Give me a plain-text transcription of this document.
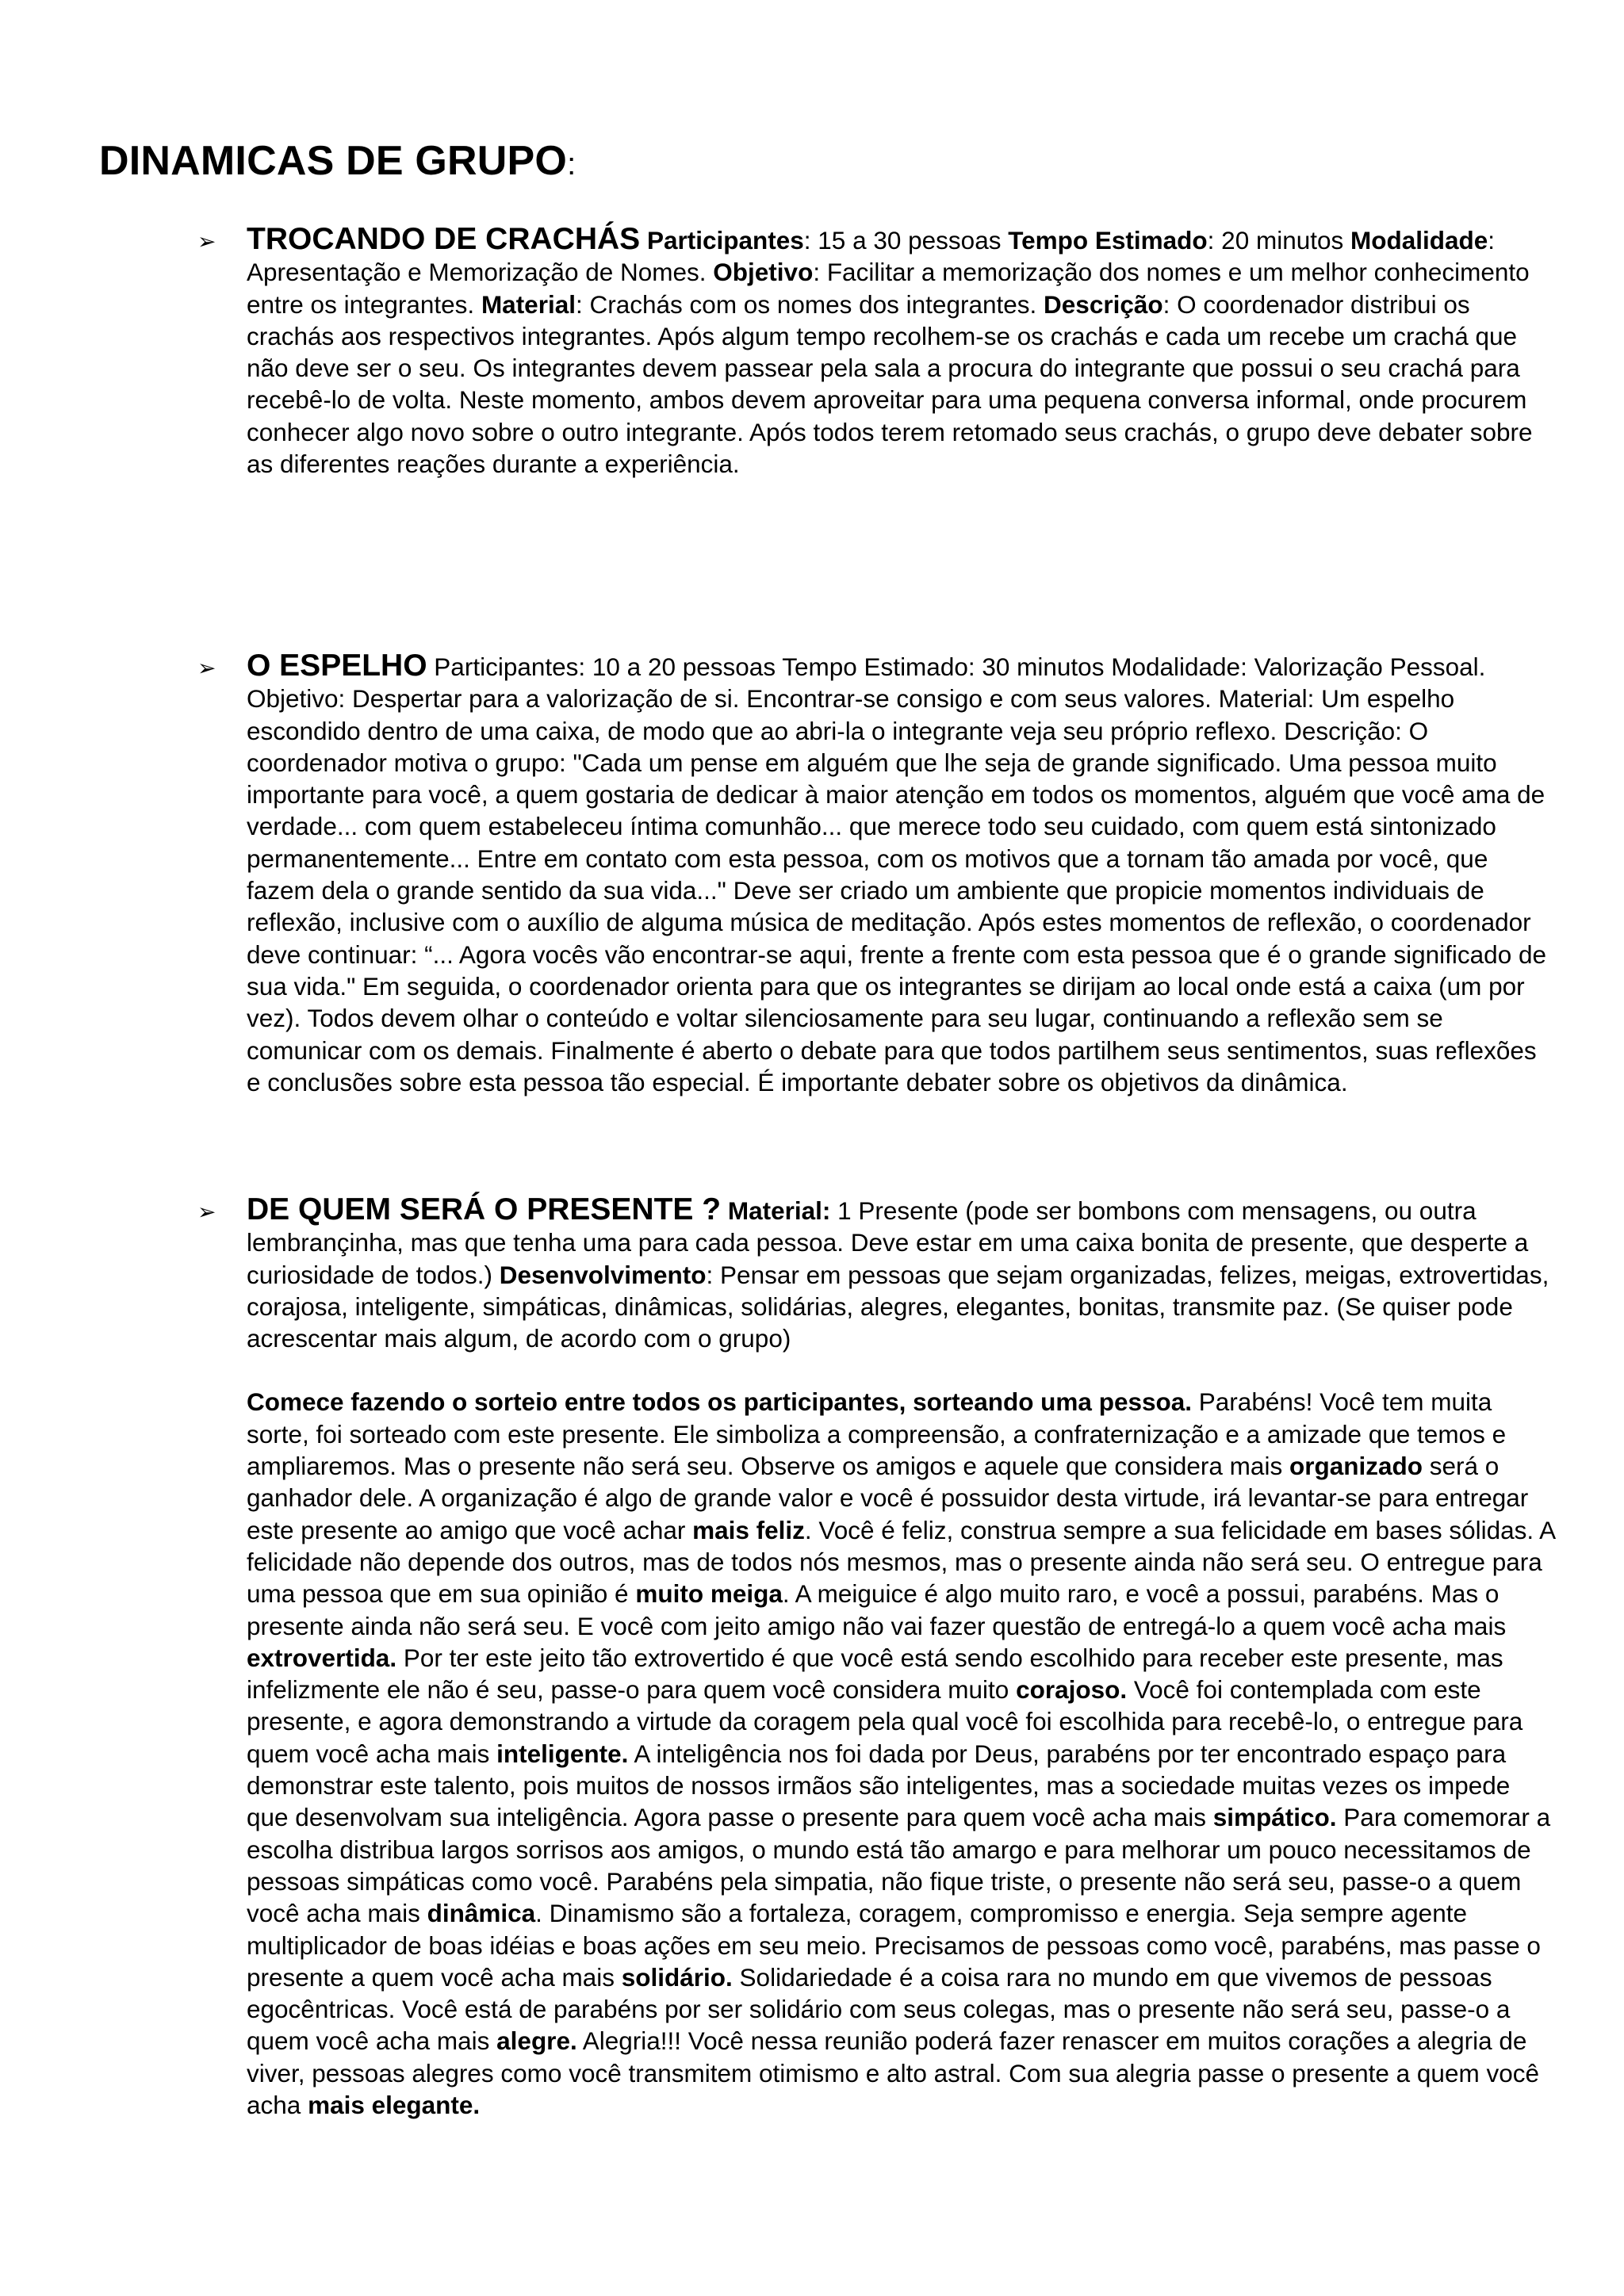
DINAMICAS DE GRUPO:
➢ TROCANDO DE CRACHÁS Participantes: 15 a 30 pessoas Tempo Estimado: 20 minutos Modalidade: Apresentação e Memorização de Nomes. Objetivo: Facilitar a memorização dos nomes e um melhor conhecimento entre os integrantes. Material: Crachás com os nomes dos integrantes. Descrição: O coordenador distribui os crachás aos respectivos integrantes. Após algum tempo recolhem-se os crachás e cada um recebe um crachá que não deve ser o seu. Os integrantes devem passear pela sala a procura do integrante que possui o seu crachá para recebê-lo de volta. Neste momento, ambos devem aproveitar para uma pequena conversa informal, onde procurem conhecer algo novo sobre o outro integrante. Após todos terem retomado seus crachás, o grupo deve debater sobre as diferentes reações durante a experiência.

➢ O ESPELHO Participantes: 10 a 20 pessoas Tempo Estimado: 30 minutos Modalidade: Valorização Pessoal. Objetivo: Despertar para a valorização de si. Encontrar-se consigo e com seus valores. Material: Um espelho escondido dentro de uma caixa, de modo que ao abri-la o integrante veja seu próprio reflexo. Descrição: O coordenador motiva o grupo: "Cada um pense em alguém que lhe seja de grande significado. Uma pessoa muito importante para você, a quem gostaria de dedicar à maior atenção em todos os momentos, alguém que você ama de verdade... com quem estabeleceu íntima comunhão... que merece todo seu cuidado, com quem está sintonizado permanentemente... Entre em contato com esta pessoa, com os motivos que a tornam tão amada por você, que fazem dela o grande sentido da sua vida..." Deve ser criado um ambiente que propicie momentos individuais de reflexão, inclusive com o auxílio de alguma música de meditação. Após estes momentos de reflexão, o coordenador deve continuar: “... Agora vocês vão encontrar-se aqui, frente a frente com esta pessoa que é o grande significado de sua vida." Em seguida, o coordenador orienta para que os integrantes se dirijam ao local onde está a caixa (um por vez). Todos devem olhar o conteúdo e voltar silenciosamente para seu lugar, continuando a reflexão sem se comunicar com os demais. Finalmente é aberto o debate para que todos partilhem seus sentimentos, suas reflexões e conclusões sobre esta pessoa tão especial. É importante debater sobre os objetivos da dinâmica.

➢ DE QUEM SERÁ O PRESENTE ? Material: 1 Presente (pode ser bombons com mensagens, ou outra lembrançinha, mas que tenha uma para cada pessoa. Deve estar em uma caixa bonita de presente, que desperte a curiosidade de todos.) Desenvolvimento: Pensar em pessoas que sejam organizadas, felizes, meigas, extrovertidas, corajosa, inteligente, simpáticas, dinâmicas, solidárias, alegres, elegantes, bonitas, transmite paz. (Se quiser pode acrescentar mais algum, de acordo com o grupo)

Comece fazendo o sorteio entre todos os participantes, sorteando uma pessoa. Parabéns! Você tem muita sorte, foi sorteado com este presente. Ele simboliza a compreensão, a confraternização e a amizade que temos e ampliaremos. Mas o presente não será seu. Observe os amigos e aquele que considera mais organizado será o ganhador dele. A organização é algo de grande valor e você é possuidor desta virtude, irá levantar-se para entregar este presente ao amigo que você achar mais feliz. Você é feliz, construa sempre a sua felicidade em bases sólidas. A felicidade não depende dos outros, mas de todos nós mesmos, mas o presente ainda não será seu. O entregue para uma pessoa que em sua opinião é muito meiga. A meiguice é algo muito raro, e você a possui, parabéns. Mas o presente ainda não será seu. E você com jeito amigo não vai fazer questão de entregá-lo a quem você acha mais extrovertida. Por ter este jeito tão extrovertido é que você está sendo escolhido para receber este presente, mas infelizmente ele não é seu, passe-o para quem você considera muito corajoso. Você foi contemplada com este presente, e agora demonstrando a virtude da coragem pela qual você foi escolhida para recebê-lo, o entregue para quem você acha mais inteligente. A inteligência nos foi dada por Deus, parabéns por ter encontrado espaço para demonstrar este talento, pois muitos de nossos irmãos são inteligentes, mas a sociedade muitas vezes os impede que desenvolvam sua inteligência. Agora passe o presente para quem você acha mais simpático. Para comemorar a escolha distribua largos sorrisos aos amigos, o mundo está tão amargo e para melhorar um pouco necessitamos de pessoas simpáticas como você. Parabéns pela simpatia, não fique triste, o presente não será seu, passe-o a quem você acha mais dinâmica. Dinamismo são a fortaleza, coragem, compromisso e energia. Seja sempre agente multiplicador de boas idéias e boas ações em seu meio. Precisamos de pessoas como você, parabéns, mas passe o presente a quem você acha mais solidário. Solidariedade é a coisa rara no mundo em que vivemos de pessoas egocêntricas. Você está de parabéns por ser solidário com seus colegas, mas o presente não será seu, passe-o a quem você acha mais alegre. Alegria!!! Você nessa reunião poderá fazer renascer em muitos corações a alegria de viver, pessoas alegres como você transmitem otimismo e alto astral. Com sua alegria passe o presente a quem você acha mais elegante.
